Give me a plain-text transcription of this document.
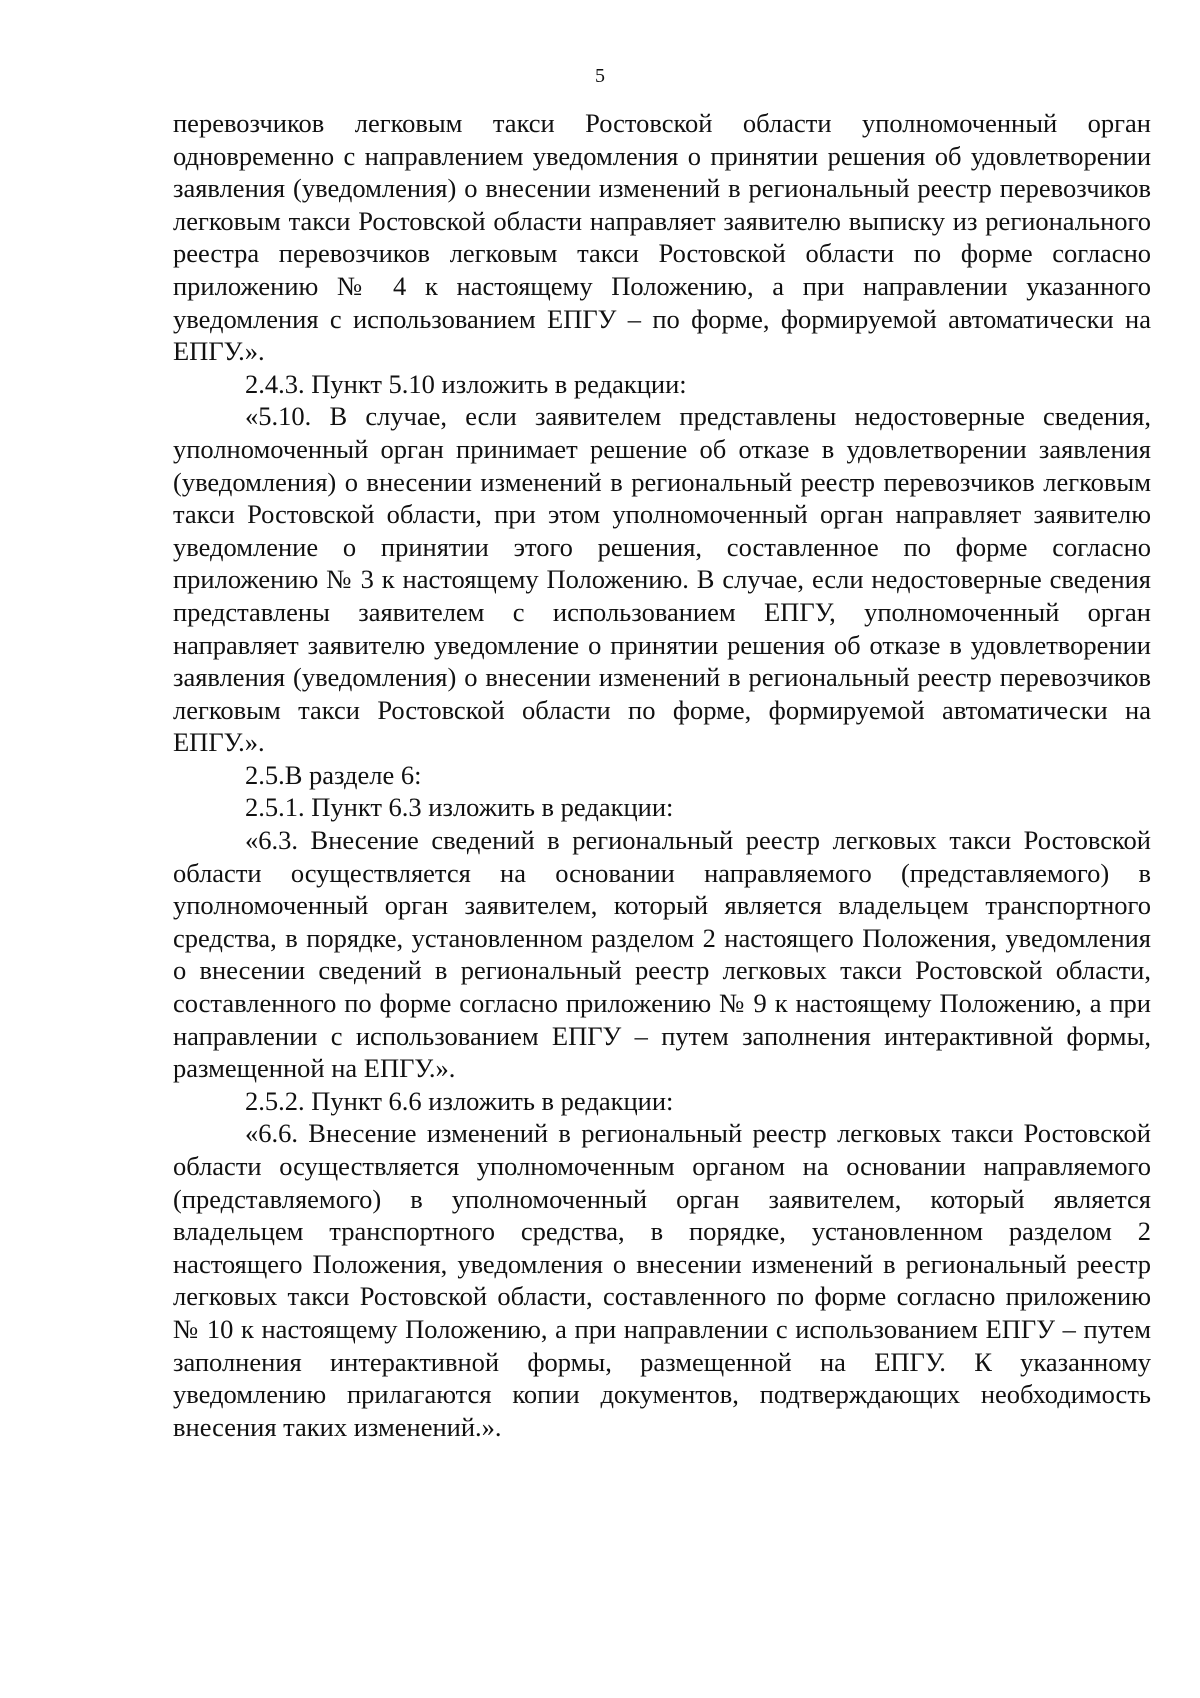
5

перевозчиков легковым такси Ростовской области уполномоченный орган одновременно с направлением уведомления о принятии решения об удовлетворении заявления (уведомления) о внесении изменений в региональный реестр перевозчиков легковым такси Ростовской области направляет заявителю выписку из регионального реестра перевозчиков легковым такси Ростовской области по форме согласно приложению № 4 к настоящему Положению, а при направлении указанного уведомления с использованием ЕПГУ – по форме, формируемой автоматически на ЕПГУ.».

2.4.3. Пункт 5.10 изложить в редакции:

«5.10. В случае, если заявителем представлены недостоверные сведения, уполномоченный орган принимает решение об отказе в удовлетворении заявления (уведомления) о внесении изменений в региональный реестр перевозчиков легковым такси Ростовской области, при этом уполномоченный орган направляет заявителю уведомление о принятии этого решения, составленное по форме согласно приложению № 3 к настоящему Положению. В случае, если недостоверные сведения представлены заявителем с использованием ЕПГУ, уполномоченный орган направляет заявителю уведомление о принятии решения об отказе в удовлетворении заявления (уведомления) о внесении изменений в региональный реестр перевозчиков легковым такси Ростовской области по форме, формируемой автоматически на ЕПГУ.».

2.5.В разделе 6:

2.5.1. Пункт 6.3 изложить в редакции:

«6.3. Внесение сведений в региональный реестр легковых такси Ростовской области осуществляется на основании направляемого (представляемого) в уполномоченный орган заявителем, который является владельцем транспортного средства, в порядке, установленном разделом 2 настоящего Положения, уведомления о внесении сведений в региональный реестр легковых такси Ростовской области, составленного по форме согласно приложению № 9 к настоящему Положению, а при направлении с использованием ЕПГУ – путем заполнения интерактивной формы, размещенной на ЕПГУ.».

2.5.2. Пункт 6.6 изложить в редакции:

«6.6. Внесение изменений в региональный реестр легковых такси Ростовской области осуществляется уполномоченным органом на основании направляемого (представляемого) в уполномоченный орган заявителем, который является владельцем транспортного средства, в порядке, установленном разделом 2 настоящего Положения, уведомления о внесении изменений в региональный реестр легковых такси Ростовской области, составленного по форме согласно приложению № 10 к настоящему Положению, а при направлении с использованием ЕПГУ – путем заполнения интерактивной формы, размещенной на ЕПГУ. К указанному уведомлению прилагаются копии документов, подтверждающих необходимость внесения таких изменений.».
